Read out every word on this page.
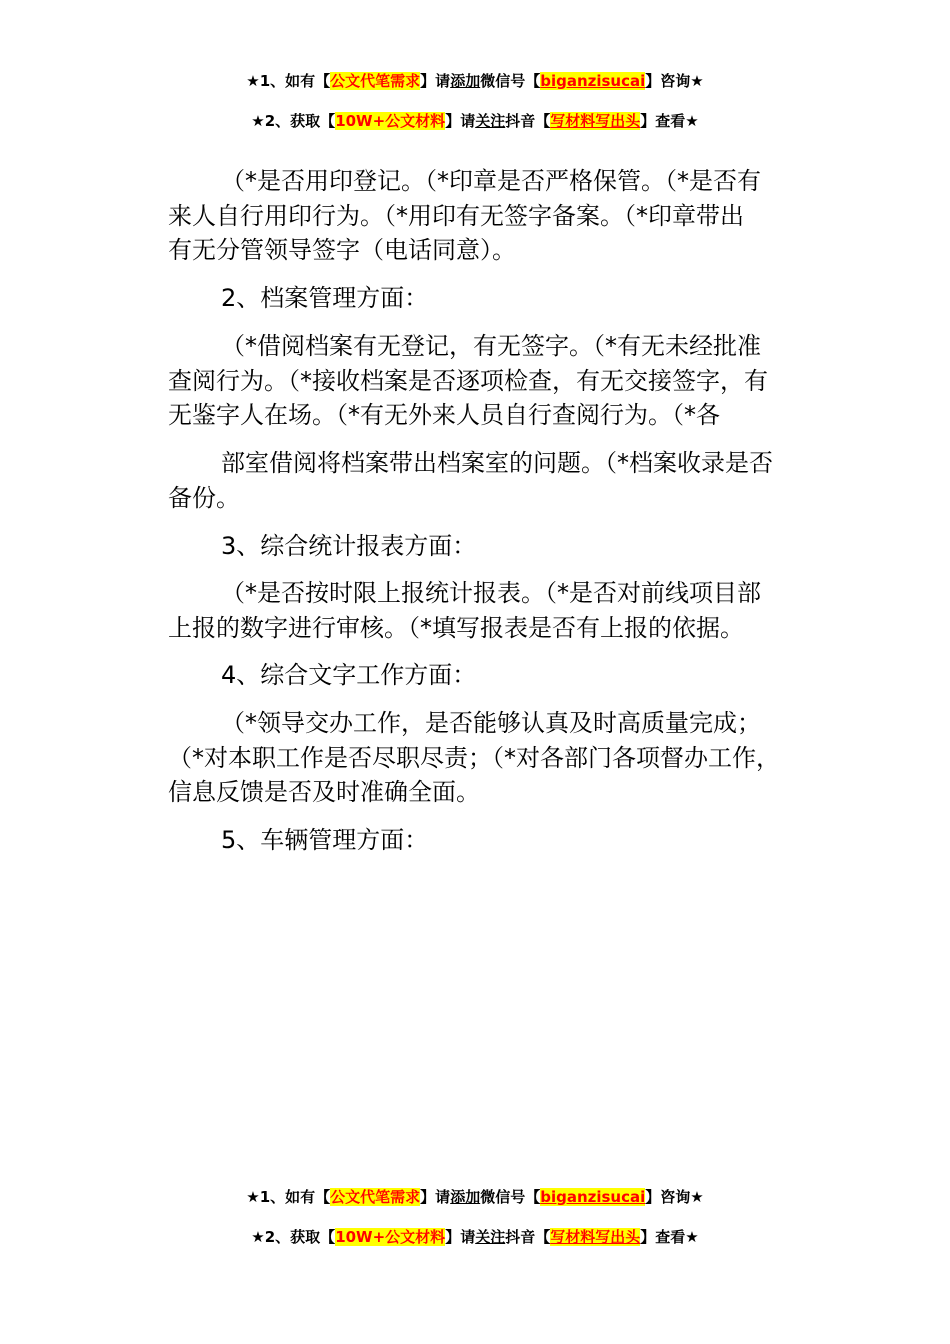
★1、如有【公文代笔需求】请添加微信号【biganzisucai】咨询★
★2、获取【10W+公文材料】请关注抖音【写材料写出头】查看★
（*是否用印登记。（*印章是否严格保管。（*是否有
来人自行用印行为。（*用印有无签字备案。（*印章带出
有无分管领导签字（电话同意）。
2、档案管理方面：
（*借阅档案有无登记，有无签字。（*有无未经批准
查阅行为。（*接收档案是否逐项检查，有无交接签字，有
无鉴字人在场。（*有无外来人员自行查阅行为。（*各
部室借阅将档案带出档案室的问题。（*档案收录是否
备份。
3、综合统计报表方面：
（*是否按时限上报统计报表。（*是否对前线项目部
上报的数字进行审核。（*填写报表是否有上报的依据。
4、综合文字工作方面：
（*领导交办工作，是否能够认真及时高质量完成；
（*对本职工作是否尽职尽责；（*对各部门各项督办工作，
信息反馈是否及时准确全面。
5、车辆管理方面：
★1、如有【公文代笔需求】请添加微信号【biganzisucai】咨询★
★2、获取【10W+公文材料】请关注抖音【写材料写出头】查看★
